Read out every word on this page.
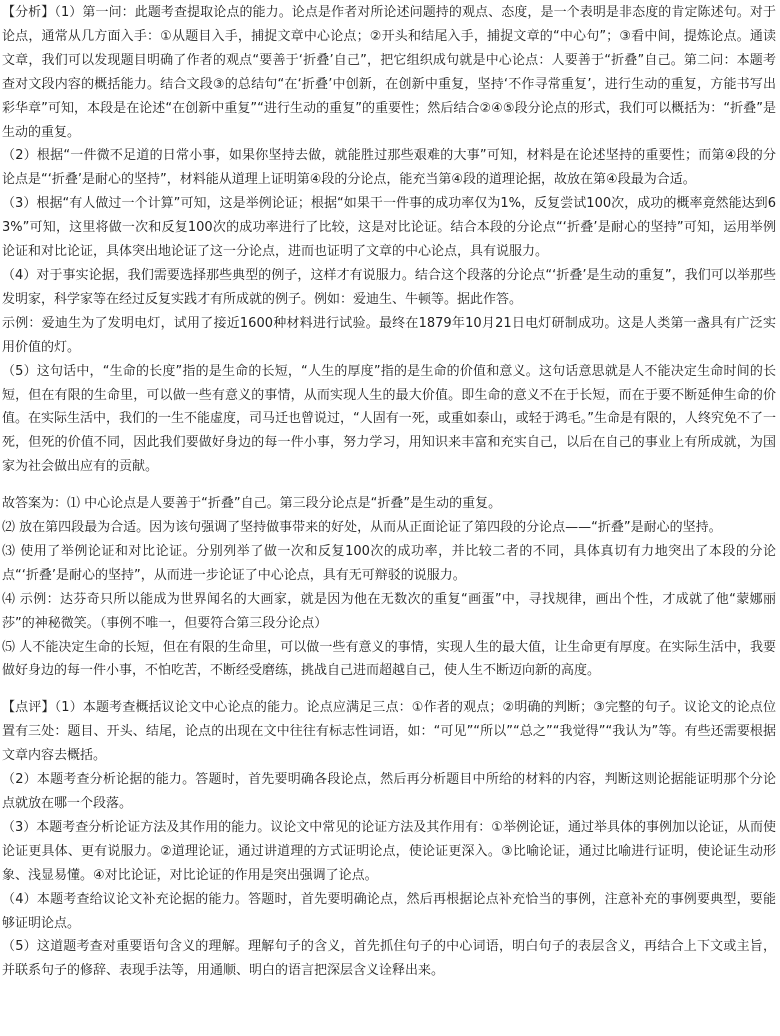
【分析】（1）第一问：此题考查提取论点的能力。论点是作者对所论述问题持的观点、态度，是一个表明是非态度的肯定陈述句。对于论点，通常从几方面入手：①从题目入手，捕捉文章中心论点；②开头和结尾入手，捕捉文章的“中心句”；③看中间，提炼论点。通读文章，我们可以发现题目明确了作者的观点“要善于‘折叠’自己”，把它组织成句就是中心论点：人要善于“折叠”自己。第二问：本题考查对文段内容的概括能力。结合文段③的总结句“在‘折叠’中创新，在创新中重复，坚持‘不作寻常重复’，进行生动的重复，方能书写出彩华章”可知，本段是在论述“在创新中重复”“进行生动的重复”的重要性；然后结合②④⑤段分论点的形式，我们可以概括为：“折叠”是生动的重复。

（2）根据“一件微不足道的日常小事，如果你坚持去做，就能胜过那些艰难的大事”可知，材料是在论述坚持的重要性；而第④段的分论点是“‘折叠’是耐心的坚持”，材料能从道理上证明第④段的分论点，能充当第④段的道理论据，故放在第④段最为合适。

（3）根据“有人做过一个计算”可知，这是举例论证；根据“如果干一件事的成功率仅为1%，反复尝试100次，成功的概率竟然能达到63%”可知，这里将做一次和反复100次的成功率进行了比较，这是对比论证。结合本段的分论点“‘折叠’是耐心的坚持”可知，运用举例论证和对比论证，具体突出地论证了这一分论点，进而也证明了文章的中心论点，具有说服力。

（4）对于事实论据，我们需要选择那些典型的例子，这样才有说服力。结合这个段落的分论点“‘折叠’是生动的重复”，我们可以举那些发明家，科学家等在经过反复实践才有所成就的例子。例如：爱迪生、牛顿等。据此作答。

示例：爱迪生为了发明电灯，试用了接近1600种材料进行试验。最终在1879年10月21日电灯研制成功。这是人类第一盏具有广泛实用价值的灯。

（5）这句话中，“生命的长度”指的是生命的长短，“人生的厚度”指的是生命的价值和意义。这句话意思就是人不能决定生命时间的长短，但在有限的生命里，可以做一些有意义的事情，从而实现人生的最大价值。即生命的意义不在于长短，而在于要不断延伸生命的价值。在实际生活中，我们的一生不能虚度，司马迁也曾说过，“人固有一死，或重如泰山，或轻于鸿毛。”生命是有限的，人终究免不了一死，但死的价值不同，因此我们要做好身边的每一件小事，努力学习，用知识来丰富和充实自己，以后在自己的事业上有所成就，为国家为社会做出应有的贡献。

故答案为：⑴ 中心论点是人要善于“折叠”自己。第三段分论点是“折叠”是生动的重复。

⑵ 放在第四段最为合适。因为该句强调了坚持做事带来的好处，从而从正面论证了第四段的分论点——“折叠”是耐心的坚持。

⑶ 使用了举例论证和对比论证。分别列举了做一次和反复100次的成功率，并比较二者的不同，具体真切有力地突出了本段的分论点“‘折叠’是耐心的坚持”，从而进一步论证了中心论点，具有无可辩驳的说服力。

⑷ 示例：达芬奇只所以能成为世界闻名的大画家，就是因为他在无数次的重复“画蛋”中，寻找规律，画出个性，才成就了他“蒙娜丽莎”的神秘微笑。（事例不唯一，但要符合第三段分论点）

⑸ 人不能决定生命的长短，但在有限的生命里，可以做一些有意义的事情，实现人生的最大值，让生命更有厚度。在实际生活中，我要做好身边的每一件小事，不怕吃苦，不断经受磨练，挑战自己进而超越自己，使人生不断迈向新的高度。

【点评】（1）本题考查概括议论文中心论点的能力。论点应满足三点：①作者的观点；②明确的判断；③完整的句子。议论文的论点位置有三处：题目、开头、结尾，论点的出现在文中往往有标志性词语，如：“可见”“所以”“总之”“我觉得”“我认为”等。有些还需要根据文章内容去概括。

（2）本题考查分析论据的能力。答题时，首先要明确各段论点，然后再分析题目中所给的材料的内容，判断这则论据能证明那个分论点就放在哪一个段落。

（3）本题考查分析论证方法及其作用的能力。议论文中常见的论证方法及其作用有：①举例论证，通过举具体的事例加以论证，从而使论证更具体、更有说服力。②道理论证，通过讲道理的方式证明论点，使论证更深入。③比喻论证，通过比喻进行证明，使论证生动形象、浅显易懂。④对比论证，对比论证的作用是突出强调了论点。

（4）本题考查给议论文补充论据的能力。答题时，首先要明确论点，然后再根据论点补充恰当的事例，注意补充的事例要典型，要能够证明论点。

（5）这道题考查对重要语句含义的理解。理解句子的含义，首先抓住句子的中心词语，明白句子的表层含义，再结合上下文或主旨，并联系句子的修辞、表现手法等，用通顺、明白的语言把深层含义诠释出来。
